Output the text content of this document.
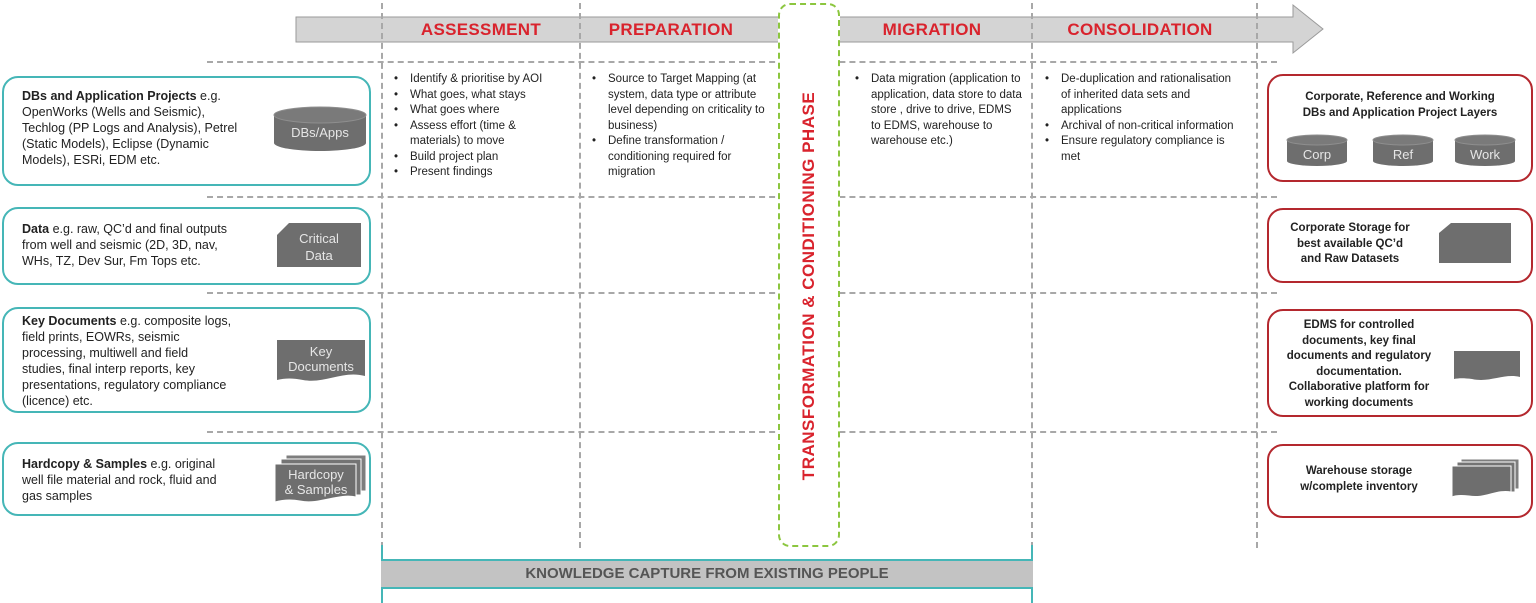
ASSESSMENT	PREPARATION	MIGRATION	CONSOLIDATION
TRANSFORMATION & CONDITIONING PHASE
DBs and Application Projects e.g.
OpenWorks (Wells and Seismic),
Techlog (PP Logs and Analysis), Petrel
(Static Models), Eclipse (Dynamic
Models), ESRi, EDM etc.
DBs/Apps
Data e.g. raw, QC’d and final outputs
from well and seismic (2D, 3D, nav,
WHs, TZ, Dev Sur, Fm Tops etc.
Critical
Data
Key Documents e.g. composite logs,
field prints, EOWRs, seismic
processing, multiwell and field
studies, final interp reports, key
presentations, regulatory compliance
(licence) etc.
Key
Documents
Hardcopy & Samples e.g. original
well file material and rock, fluid and
gas samples
Hardcopy
& Samples
• Identify & prioritise by AOI
• What goes, what stays
• What goes where
• Assess effort (time & materials) to move
• Build project plan
• Present findings
• Source to Target Mapping (at system, data type or attribute level depending on criticality to business)
• Define transformation / conditioning required for migration
• Data migration (application to application, data store to data store , drive to drive, EDMS to EDMS, warehouse to warehouse etc.)
• De-duplication and rationalisation of inherited data sets and applications
• Archival of non-critical information
• Ensure regulatory compliance is met
Corporate, Reference and Working
DBs and Application Project Layers
Corp	Ref	Work
Corporate Storage for
best available QC’d
and Raw Datasets
EDMS for controlled
documents, key final
documents and regulatory
documentation.
Collaborative platform for
working documents
Warehouse storage
w/complete inventory
KNOWLEDGE CAPTURE FROM EXISTING PEOPLE
